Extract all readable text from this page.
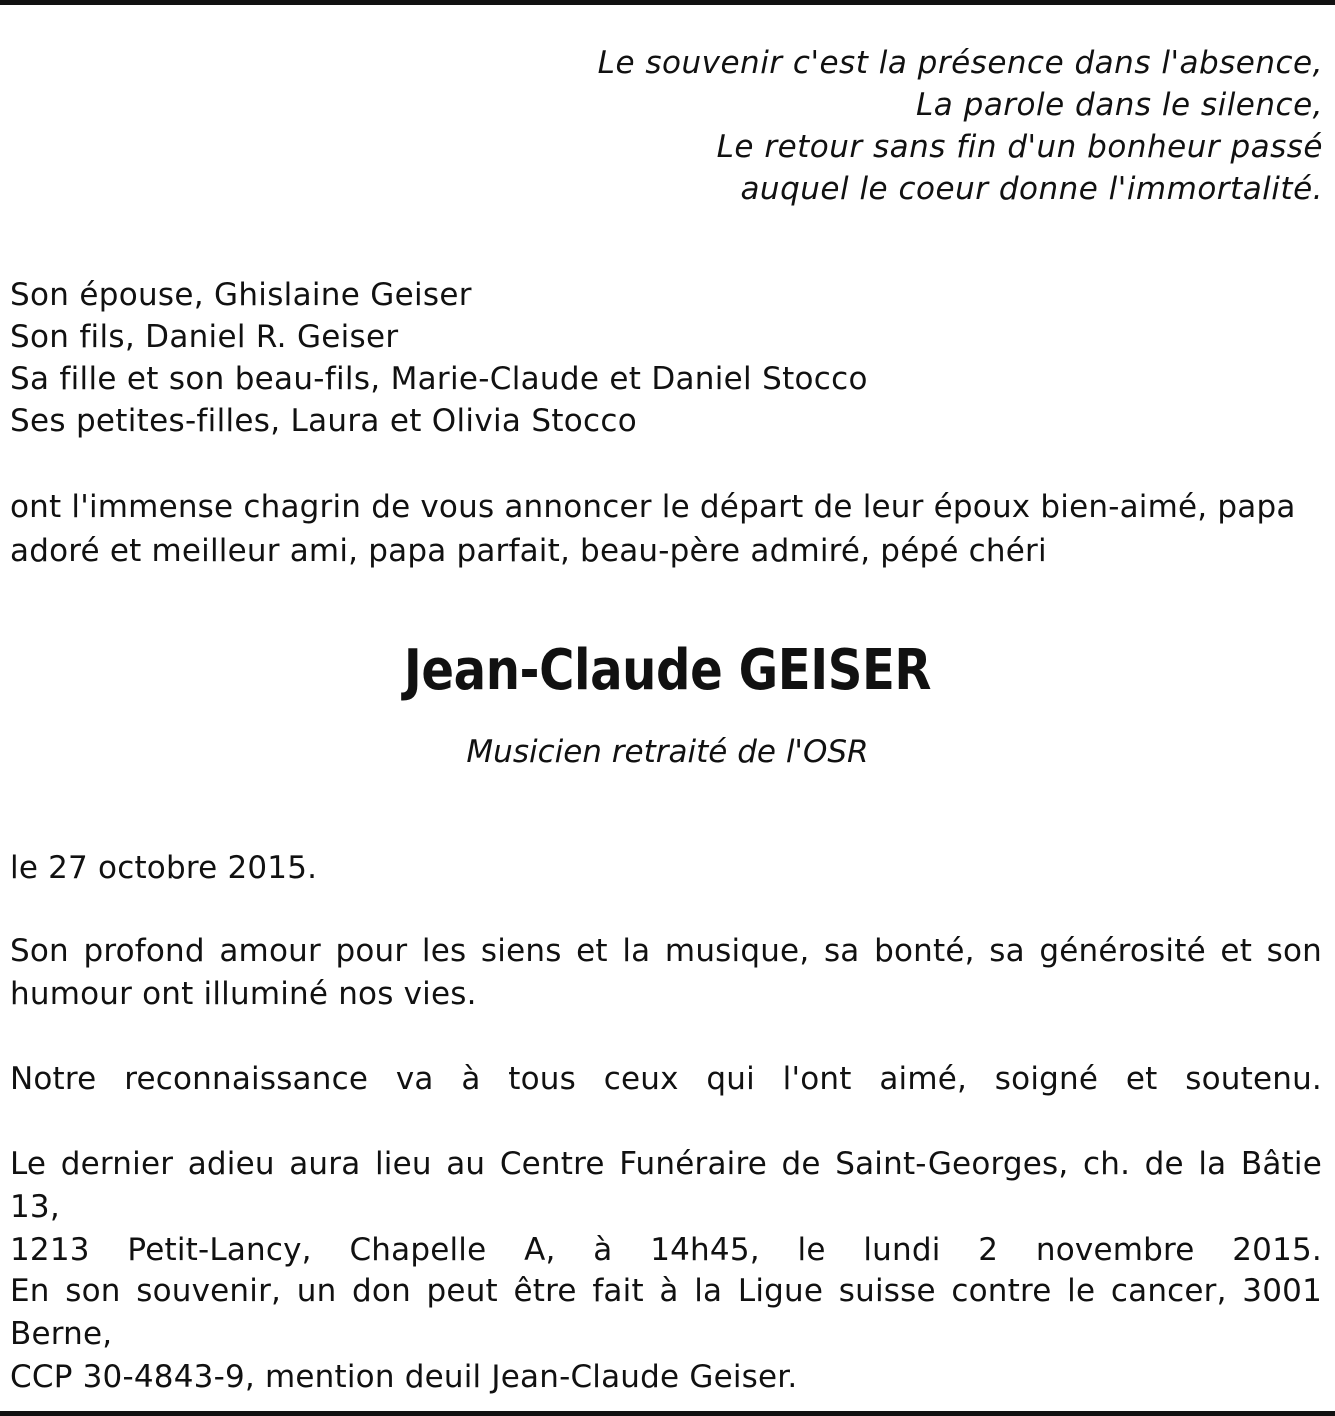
Le souvenir c'est la présence dans l'absence,
La parole dans le silence,
Le retour sans fin d'un bonheur passé
auquel le coeur donne l'immortalité.
Son épouse, Ghislaine Geiser
Son fils, Daniel R. Geiser
Sa fille et son beau-fils, Marie-Claude et Daniel Stocco
Ses petites-filles, Laura et Olivia Stocco
ont l'immense chagrin de vous annoncer le départ de leur époux bien-aimé, papa
adoré et meilleur ami, papa parfait, beau-père admiré, pépé chéri
Jean-Claude GEISER
Musicien retraité de l'OSR
le 27 octobre 2015.
Son profond amour pour les siens et la musique, sa bonté, sa générosité et son
humour ont illuminé nos vies.
Notre reconnaissance va à tous ceux qui l'ont aimé, soigné et soutenu.
Le dernier adieu aura lieu au Centre Funéraire de Saint-Georges, ch. de la Bâtie 13,
1213 Petit-Lancy, Chapelle A, à 14h45, le lundi 2 novembre 2015.
En son souvenir, un don peut être fait à la Ligue suisse contre le cancer, 3001 Berne,
CCP 30-4843-9, mention deuil Jean-Claude Geiser.
